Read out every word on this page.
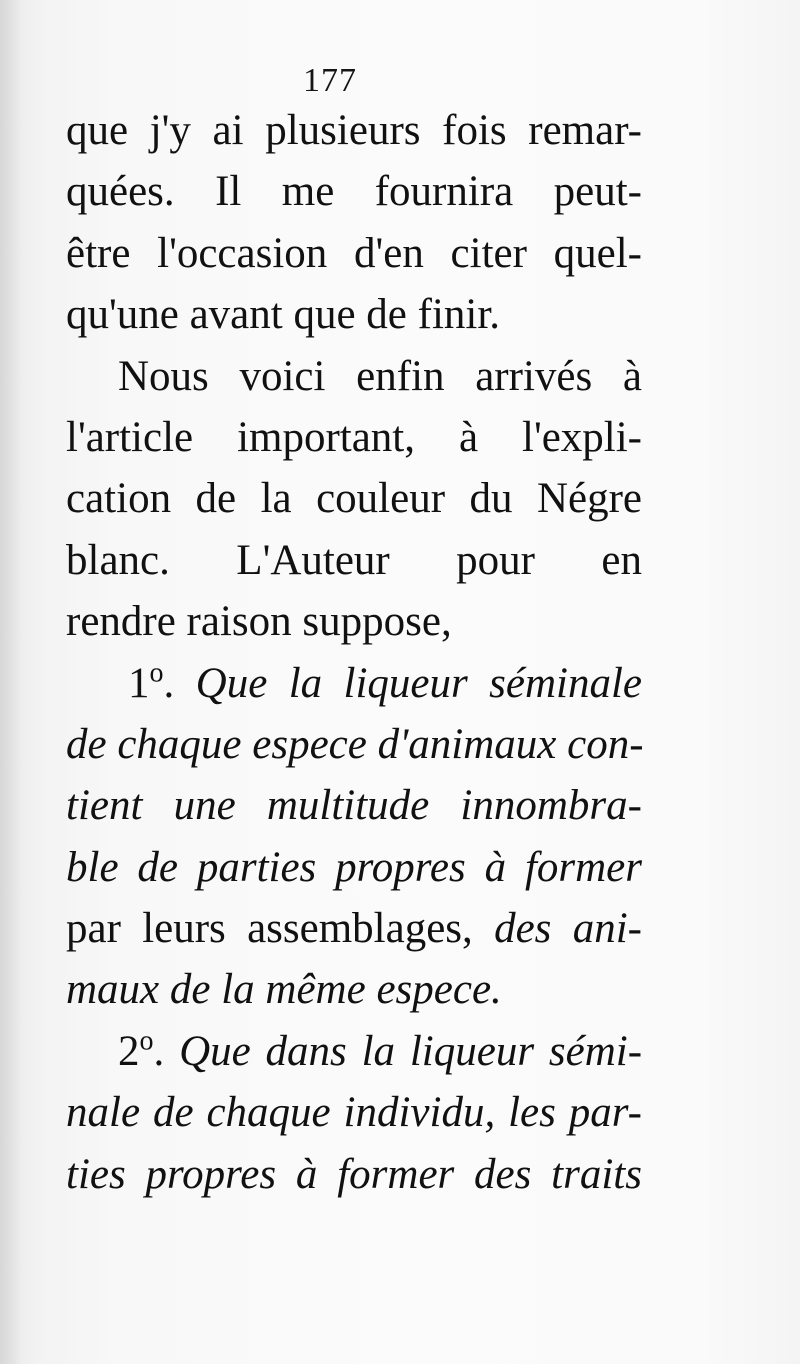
177
que j'y ai plusieurs fois remar-
quées. Il me fournira peut-
être l'occasion d'en citer quel-
qu'une avant que de finir.
Nous voici enfin arrivés à
l'article important, à l'expli-
cation de la couleur du Négre
blanc. L'Auteur pour en
rendre raison suppose,
1$^o$. Que la liqueur séminale
de chaque espece d'animaux con-
tient une multitude innombra-
ble de parties propres à former
par leurs assemblages, des ani-
maux de la même espece.
2$^o$. Que dans la liqueur sémi-
nale de chaque individu, les par-
ties propres à former des traits
